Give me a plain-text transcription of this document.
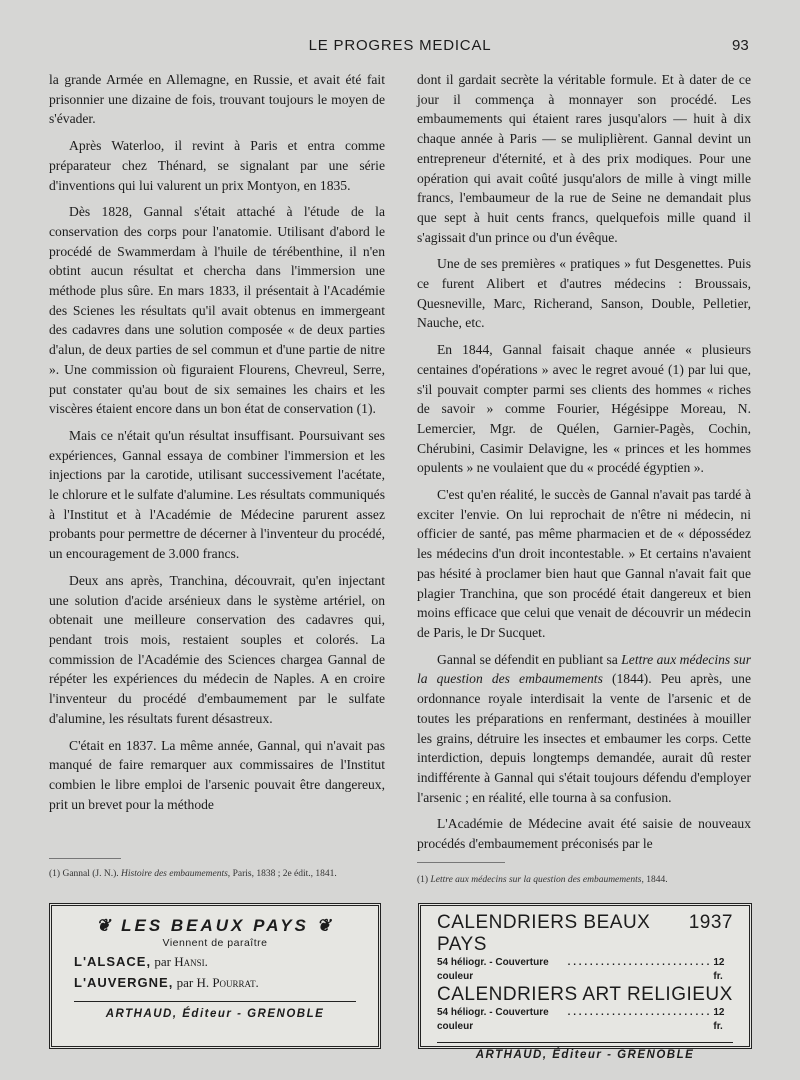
LE PROGRES MEDICAL	93

la grande Armée en Allemagne, en Russie, et avait été fait prisonnier une dizaine de fois, trouvant toujours le moyen de s'évader.

Après Waterloo, il revint à Paris et entra comme préparateur chez Thénard, se signalant par une série d'inventions qui lui valurent un prix Montyon, en 1835.

Dès 1828, Gannal s'était attaché à l'étude de la conservation des corps pour l'anatomie. Utilisant d'abord le procédé de Swammerdam à l'huile de térébenthine, il n'en obtint aucun résultat et chercha dans l'immersion une méthode plus sûre. En mars 1833, il présentait à l'Académie des Scienes les résultats qu'il avait obtenus en immergeant des cadavres dans une solution composée « de deux parties d'alun, de deux parties de sel commun et d'une partie de nitre ». Une commission où figuraient Flourens, Chevreul, Serre, put constater qu'au bout de six semaines les chairs et les viscères étaient encore dans un bon état de conservation (1).

Mais ce n'était qu'un résultat insuffisant. Poursuivant ses expériences, Gannal essaya de combiner l'immersion et les injections par la carotide, utilisant successivement l'acétate, le chlorure et le sulfate d'alumine. Les résultats communiqués à l'Institut et à l'Académie de Médecine parurent assez probants pour permettre de décerner à l'inventeur du procédé, un encouragement de 3.000 francs.

Deux ans après, Tranchina, découvrait, qu'en injectant une solution d'acide arsénieux dans le système artériel, on obtenait une meilleure conservation des cadavres qui, pendant trois mois, restaient souples et colorés. La commission de l'Académie des Sciences chargea Gannal de répéter les expériences du médecin de Naples. A en croire l'inventeur du procédé d'embaumement par le sulfate d'alumine, les résultats furent désastreux.

C'était en 1837. La même année, Gannal, qui n'avait pas manqué de faire remarquer aux commissaires de l'Institut combien le libre emploi de l'arsenic pouvait être dangereux, prit un brevet pour la méthode

dont il gardait secrète la véritable formule. Et à dater de ce jour il commença à monnayer son procédé. Les embaumements qui étaient rares jusqu'alors — huit à dix chaque année à Paris — se muliplièrent. Gannal devint un entrepreneur d'éternité, et à des prix modiques. Pour une opération qui avait coûté jusqu'alors de mille à vingt mille francs, l'embaumeur de la rue de Seine ne demandait plus que sept à huit cents francs, quelquefois mille quand il s'agissait d'un prince ou d'un évêque.

Une de ses premières « pratiques » fut Desgenettes. Puis ce furent Alibert et d'autres médecins : Broussais, Quesneville, Marc, Richerand, Sanson, Double, Pelletier, Nauche, etc.

En 1844, Gannal faisait chaque année « plusieurs centaines d'opérations » avec le regret avoué (1) par lui que, s'il pouvait compter parmi ses clients des hommes « riches de savoir » comme Fourier, Hégésippe Moreau, N. Lemercier, Mgr. de Quélen, Garnier-Pagès, Cochin, Chérubini, Casimir Delavigne, les « princes et les hommes opulents » ne voulaient que du « procédé égyptien ».

C'est qu'en réalité, le succès de Gannal n'avait pas tardé à exciter l'envie. On lui reprochait de n'être ni médecin, ni officier de santé, pas même pharmacien et de « dépossédez les médecins d'un droit incontestable. » Et certains n'avaient pas hésité à proclamer bien haut que Gannal n'avait fait que plagier Tranchina, que son procédé était dangereux et bien moins efficace que celui que venait de découvrir un médecin de Paris, le Dr Sucquet.

Gannal se défendit en publiant sa Lettre aux médecins sur la question des embaumements (1844). Peu après, une ordonnance royale interdisait la vente de l'arsenic et de toutes les préparations en renfermant, destinées à mouiller les grains, détruire les insectes et embaumer les corps. Cette interdiction, depuis longtemps demandée, aurait dû rester indifférente à Gannal qui s'était toujours défendu d'employer l'arsenic ; en réalité, elle tourna à sa confusion.

L'Académie de Médecine avait été saisie de nouveaux procédés d'embaumement préconisés par le

(1) Gannal (J. N.). Histoire des embaumements, Paris, 1838 ; 2e édit., 1841.
(1) Lettre aux médecins sur la question des embaumements, 1844.
❦ LES BEAUX PAYS ❦
Viennent de paraître
L'ALSACE, par Hansi.
L'AUVERGNE, par H. Pourrat.
ARTHAUD, Éditeur - GRENOBLE
CALENDRIERS BEAUX PAYS
1937
54 héliogr. - Couverture couleur
. . . . . . . . . . . . . . . . . . . . . . . . . . 12 fr.
CALENDRIERS ART RELIGIEUX
54 héliogr. - Couverture couleur
. . . . . . . . . . . . . . . . . . . . . . . . . . 12 fr.
ARTHAUD, Éditeur - GRENOBLE
